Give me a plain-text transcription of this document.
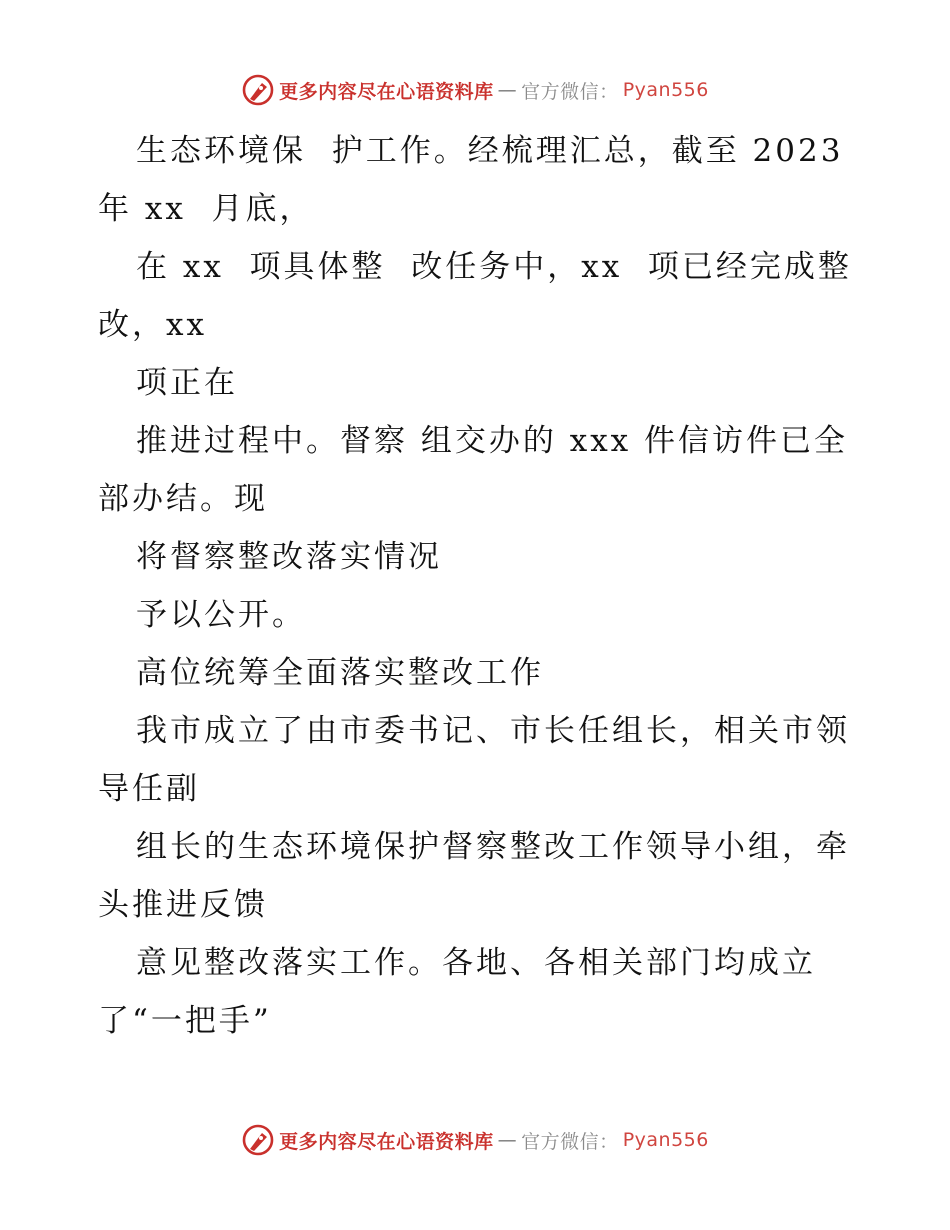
更多内容尽在心语资料库 — 官方微信： Pyan556
生态环境保  护工作。经梳理汇总，截至 2023
年 xx  月底，
在 xx  项具体整  改任务中，xx  项已经完成整
改，xx
项正在
推进过程中。督察 组交办的 xxx 件信访件已全
部办结。现
将督察整改落实情况
予以公开。
高位统筹全面落实整改工作
我市成立了由市委书记、市长任组长，相关市领
导任副
组长的生态环境保护督察整改工作领导小组，牵
头推进反馈
意见整改落实工作。各地、各相关部门均成立
了“一把手”
更多内容尽在心语资料库 — 官方微信： Pyan556
